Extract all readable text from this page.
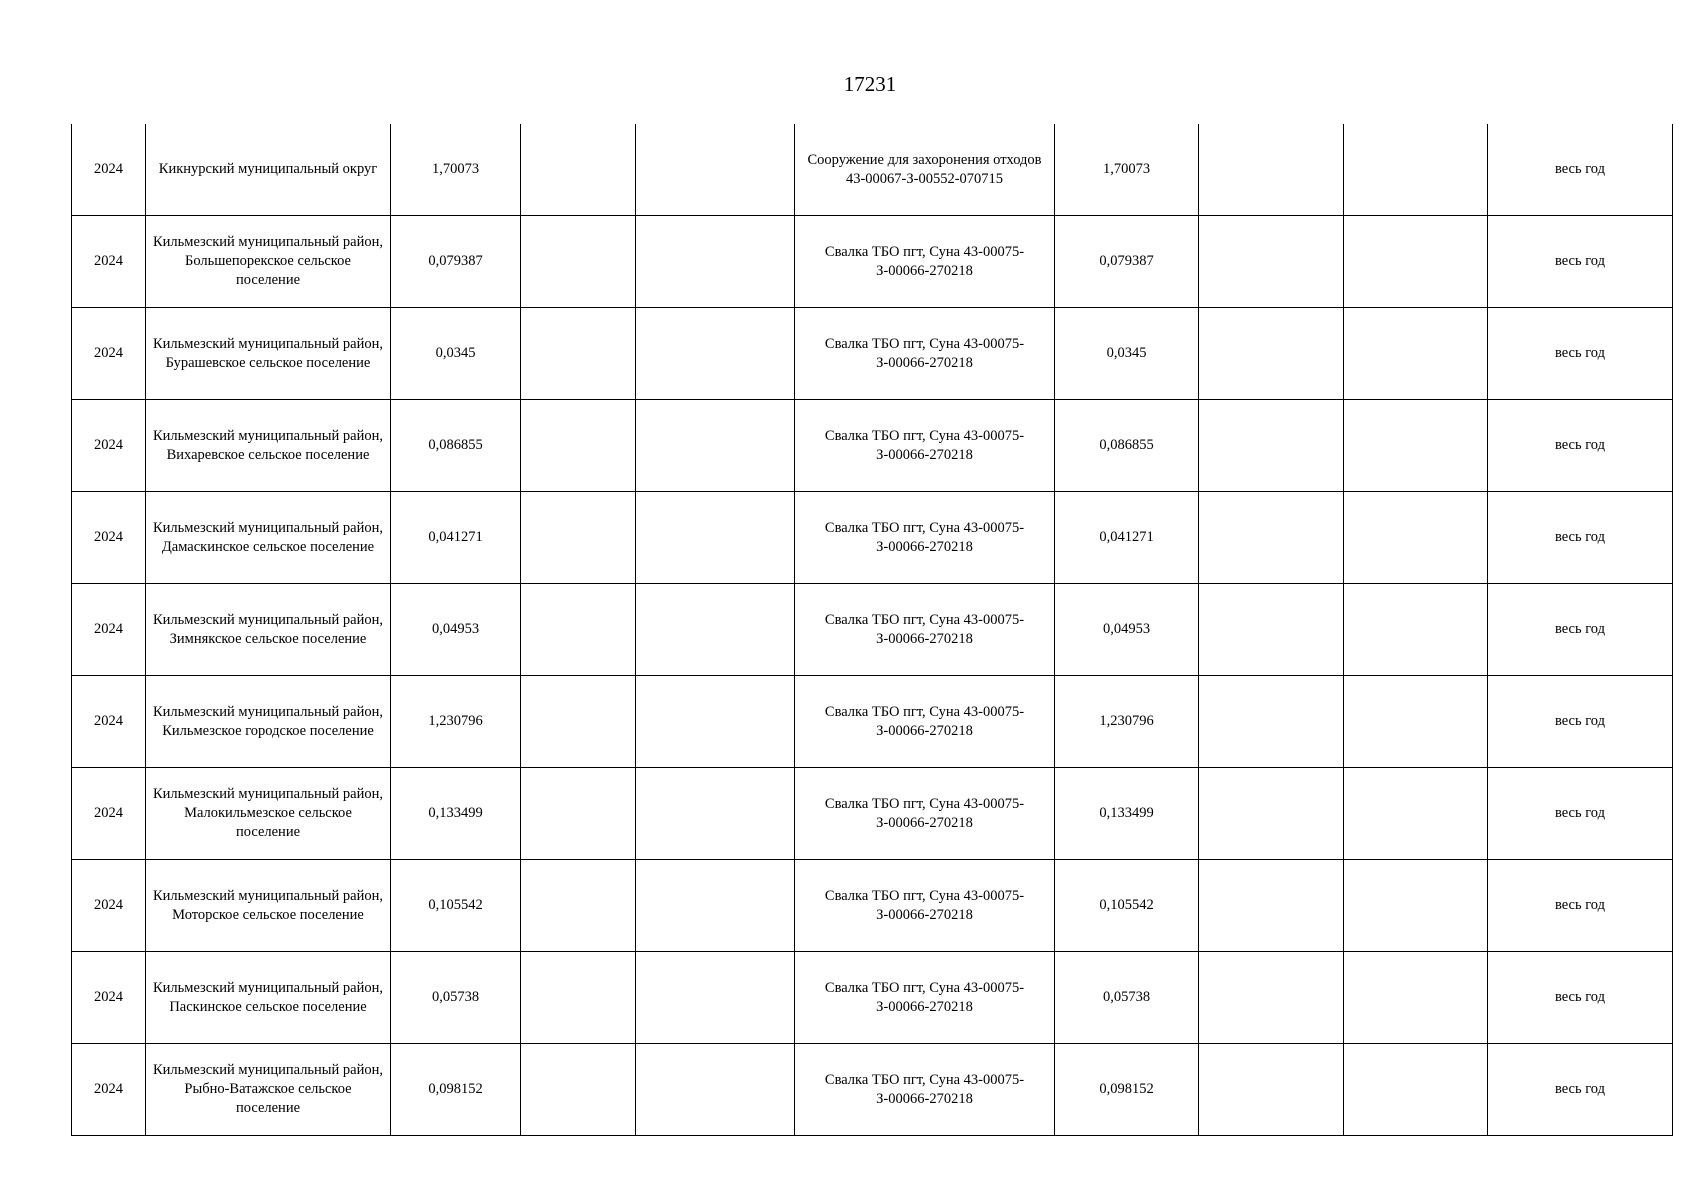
17231
2024	Кикнурский муниципальный округ	1,70073			Сооружение для захоронения отходов 43-00067-З-00552-070715	1,70073			весь год
2024	Кильмезский муниципальный район, Большепорекское сельское поселение	0,079387			Свалка ТБО пгт, Суна 43-00075-З-00066-270218	0,079387			весь год
2024	Кильмезский муниципальный район, Бурашевское сельское поселение	0,0345			Свалка ТБО пгт, Суна 43-00075-З-00066-270218	0,0345			весь год
2024	Кильмезский муниципальный район, Вихаревское сельское поселение	0,086855			Свалка ТБО пгт, Суна 43-00075-З-00066-270218	0,086855			весь год
2024	Кильмезский муниципальный район, Дамаскинское сельское поселение	0,041271			Свалка ТБО пгт, Суна 43-00075-З-00066-270218	0,041271			весь год
2024	Кильмезский муниципальный район, Зимнякское сельское поселение	0,04953			Свалка ТБО пгт, Суна 43-00075-З-00066-270218	0,04953			весь год
2024	Кильмезский муниципальный район, Кильмезское городское поселение	1,230796			Свалка ТБО пгт, Суна 43-00075-З-00066-270218	1,230796			весь год
2024	Кильмезский муниципальный район, Малокильмезское сельское поселение	0,133499			Свалка ТБО пгт, Суна 43-00075-З-00066-270218	0,133499			весь год
2024	Кильмезский муниципальный район, Моторское сельское поселение	0,105542			Свалка ТБО пгт, Суна 43-00075-З-00066-270218	0,105542			весь год
2024	Кильмезский муниципальный район, Паскинское сельское поселение	0,05738			Свалка ТБО пгт, Суна 43-00075-З-00066-270218	0,05738			весь год
2024	Кильмезский муниципальный район, Рыбно-Ватажское сельское поселение	0,098152			Свалка ТБО пгт, Суна 43-00075-З-00066-270218	0,098152			весь год
